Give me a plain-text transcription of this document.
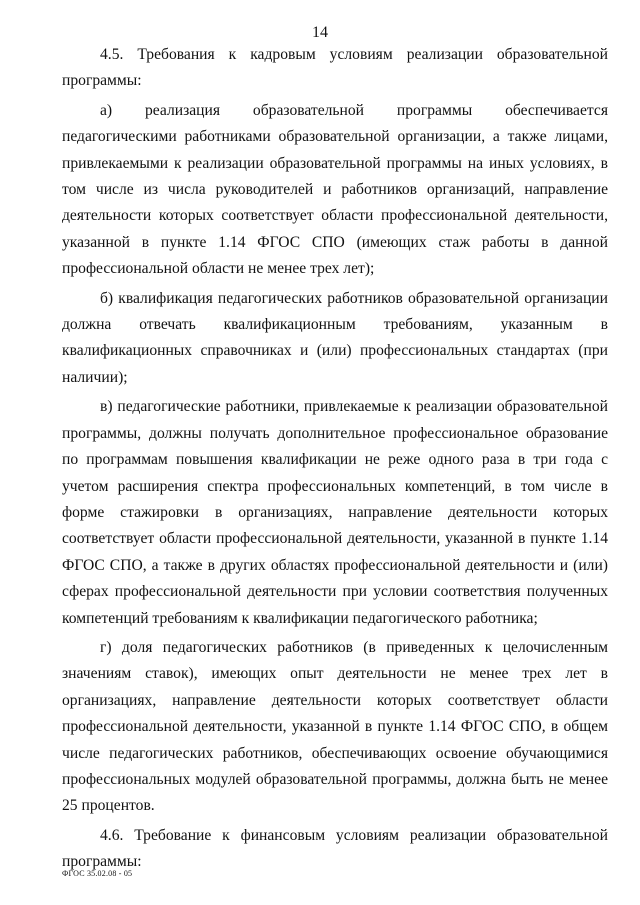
14

4.5. Требования к кадровым условиям реализации образовательной программы:

а) реализация образовательной программы обеспечивается педагогическими работниками образовательной организации, а также лицами, привлекаемыми к реализации образовательной программы на иных условиях, в том числе из числа руководителей и работников организаций, направление деятельности которых соответствует области профессиональной деятельности, указанной в пункте 1.14 ФГОС СПО (имеющих стаж работы в данной профессиональной области не менее трех лет);

б) квалификация педагогических работников образовательной организации должна отвечать квалификационным требованиям, указанным в квалификационных справочниках и (или) профессиональных стандартах (при наличии);

в) педагогические работники, привлекаемые к реализации образовательной программы, должны получать дополнительное профессиональное образование по программам повышения квалификации не реже одного раза в три года с учетом расширения спектра профессиональных компетенций, в том числе в форме стажировки в организациях, направление деятельности которых соответствует области профессиональной деятельности, указанной в пункте 1.14 ФГОС СПО, а также в других областях профессиональной деятельности и (или) сферах профессиональной деятельности при условии соответствия полученных компетенций требованиям к квалификации педагогического работника;

г) доля педагогических работников (в приведенных к целочисленным значениям ставок), имеющих опыт деятельности не менее трех лет в организациях, направление деятельности которых соответствует области профессиональной деятельности, указанной в пункте 1.14 ФГОС СПО, в общем числе педагогических работников, обеспечивающих освоение обучающимися профессиональных модулей образовательной программы, должна быть не менее 25 процентов.

4.6. Требование к финансовым условиям реализации образовательной программы:

ФГОС 35.02.08 - 05
